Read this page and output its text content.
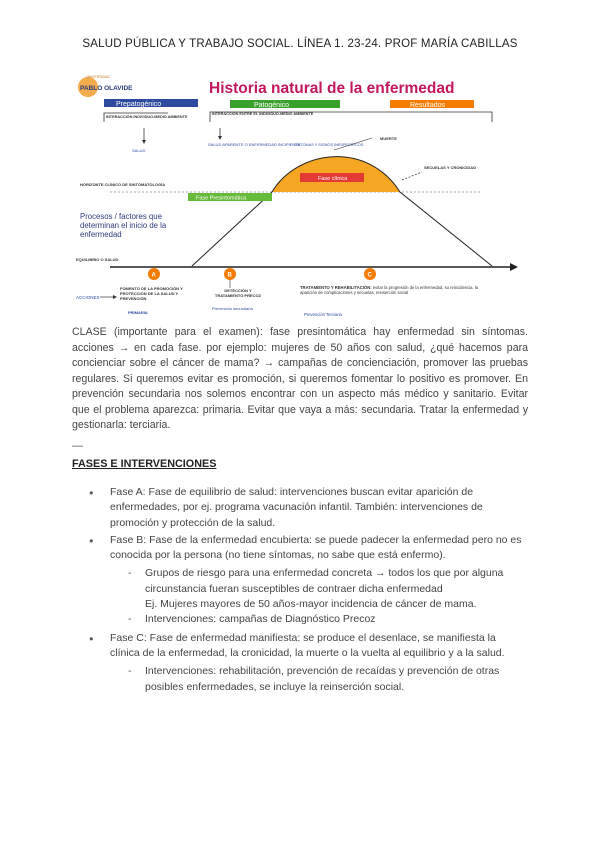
SALUD PÚBLICA Y TRABAJO SOCIAL. LÍNEA 1. 23-24. PROF MARÍA CABILLAS
UNIVERSIDAD
PABLO OLAVIDE	Historia natural de la enfermedad
Prepatogénico	Patogénico	Resultados
INTERACCIÓN INDIVIDUO-MEDIO AMBIENTE
INTERACCIÓN ENTRE EL INDIVIDUO-MEDIO AMBIENTE
SALUD
SALUD APARENTE O ENFERMEDAD INCIPIENTE
SÍNTOMAS Y SIGNOS INESPECÍFICOS
MUERTE
HORIZONTE CLÍNICO DE SINTOMATOLOGÍA
Fase clínica
SECUELAS Y CRONICIDAD
Fase Presintomática
Procesos / factores que determinan el inicio de la enfermedad
EQUILIBRIO O SALUD
A	B	C
ACCIONES
FOMENTO DE LA PROMOCIÓN Y PROTECCIÓN DE LA SALUD Y PREVENCIÓN
PRIMARIA
DETECCIÓN Y TRATAMIENTO PRECOZ
Prevención secundaria
TRATAMIENTO Y REHABILITACIÓN: evitar la progresión de la enfermedad, su reincidencia, la aparición de complicaciones y secuelas, reinserción social
Prevención Terciaria
CLASE (importante para el examen): fase presintomática hay enfermedad sin síntomas. acciones → en cada fase. por ejemplo: mujeres de 50 años con salud, ¿qué hacemos para concienciar sobre el cáncer de mama? → campañas de concienciación, promover las pruebas regulares. Si queremos evitar es promoción, si queremos fomentar lo positivo es promover. En prevención secundaria nos solemos encontrar con un aspecto más médico y sanitario. Evitar que el problema aparezca: primaria. Evitar que vaya a más: secundaria. Tratar la enfermedad y gestionarla: terciaria.
—
FASES E INTERVENCIONES
● Fase A: Fase de equilibrio de salud: intervenciones buscan evitar aparición de enfermedades, por ej. programa vacunación infantil. También: intervenciones de promoción y protección de la salud.
● Fase B: Fase de la enfermedad encubierta: se puede padecer la enfermedad pero no es conocida por la persona (no tiene síntomas, no sabe que está enfermo).
- Grupos de riesgo para una enfermedad concreta → todos los que por alguna circunstancia fueran susceptibles de contraer dicha enfermedad
Ej. Mujeres mayores de 50 años-mayor incidencia de cáncer de mama.
- Intervenciones: campañas de Diagnóstico Precoz
● Fase C: Fase de enfermedad manifiesta: se produce el desenlace, se manifiesta la clínica de la enfermedad, la cronicidad, la muerte o la vuelta al equilibrio y a la salud.
- Intervenciones: rehabilitación, prevención de recaídas y prevención de otras posibles enfermedades, se incluye la reinserción social.
